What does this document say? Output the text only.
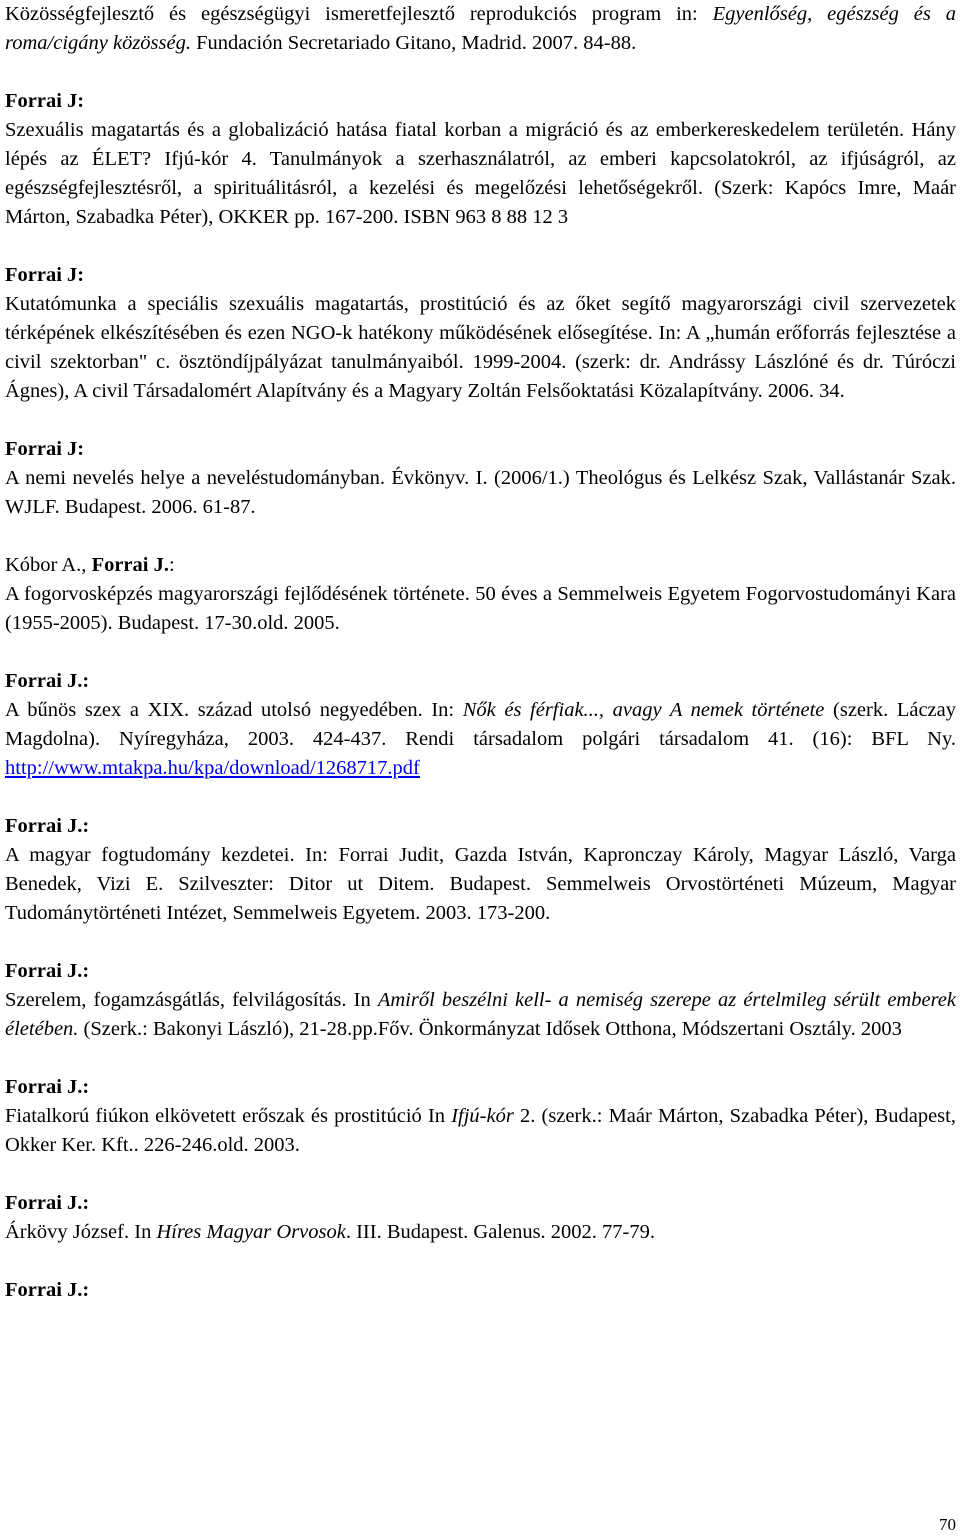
Közösségfejlesztő és egészségügyi ismeretfejlesztő reprodukciós program in: Egyenlőség, egészség és a roma/cigány közösség. Fundación Secretariado Gitano, Madrid. 2007. 84-88.

Forrai J:

Szexuális magatartás és a globalizáció hatása fiatal korban a migráció és az emberkereskedelem területén. Hány lépés az ÉLET? Ifjú-kór 4. Tanulmányok a szerhasználatról, az emberi kapcsolatokról, az ifjúságról, az egészségfejlesztésről, a spirituálitásról, a kezelési és megelőzési lehetőségekről. (Szerk: Kapócs Imre, Maár Márton, Szabadka Péter), OKKER pp. 167-200. ISBN 963 8 88 12 3

Forrai J:

Kutatómunka a speciális szexuális magatartás, prostitúció és az őket segítő magyarországi civil szervezetek térképének elkészítésében és ezen NGO-k hatékony működésének elősegítése. In: A „humán erőforrás fejlesztése a civil szektorban" c. ösztöndíjpályázat tanulmányaiból. 1999-2004. (szerk: dr. Andrássy Lászlóné és dr. Túróczi Ágnes), A civil Társadalomért Alapítvány és a Magyary Zoltán Felsőoktatási Közalapítvány. 2006. 34.

Forrai J:

A nemi nevelés helye a neveléstudományban. Évkönyv. I. (2006/1.) Theológus és Lelkész Szak, Vallástanár Szak. WJLF. Budapest. 2006. 61-87.

Kóbor A., Forrai J.:
A fogorvosképzés magyarországi fejlődésének története. 50 éves a Semmelweis Egyetem Fogorvostudományi Kara (1955-2005). Budapest. 17-30.old. 2005.

Forrai J.:

A bűnös szex a XIX. század utolsó negyedében. In: Nők és férfiak..., avagy A nemek története (szerk. Láczay Magdolna). Nyíregyháza, 2003. 424-437. Rendi társadalom polgári társadalom 41. (16): BFL Ny. http://www.mtakpa.hu/kpa/download/1268717.pdf

Forrai J.:

A magyar fogtudomány kezdetei. In: Forrai Judit, Gazda István, Kapronczay Károly, Magyar László, Varga Benedek, Vizi E. Szilveszter: Ditor ut Ditem. Budapest. Semmelweis Orvostörténeti Múzeum, Magyar Tudománytörténeti Intézet, Semmelweis Egyetem. 2003. 173-200.

Forrai J.:

Szerelem, fogamzásgátlás, felvilágosítás. In Amiről beszélni kell- a nemiség szerepe az értelmileg sérült emberek életében. (Szerk.: Bakonyi László), 21-28.pp.Főv. Önkormányzat Idősek Otthona, Módszertani Osztály. 2003

Forrai J.:

Fiatalkorú fiúkon elkövetett erőszak és prostitúció In Ifjú-kór 2. (szerk.: Maár Márton, Szabadka Péter), Budapest, Okker Ker. Kft.. 226-246.old. 2003.

Forrai J.:

Árkövy József. In Híres Magyar Orvosok. III. Budapest. Galenus. 2002. 77-79.

Forrai J.:
70
